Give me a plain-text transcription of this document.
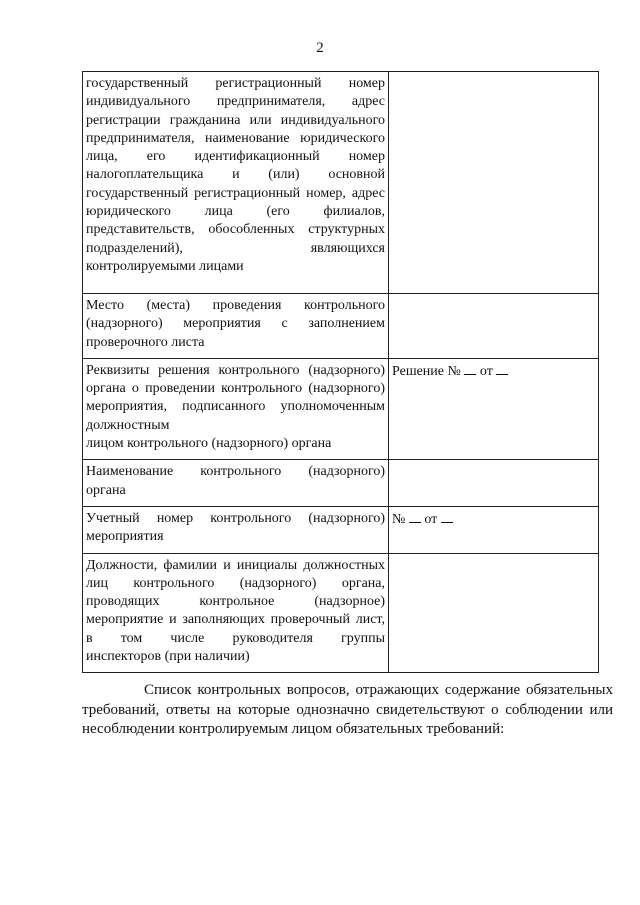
2
государственный регистрационный номер индивидуального предпринимателя, адрес регистрации гражданина или индивидуального предпринимателя, наименование юридического лица, его идентификационный номер налогоплательщика и (или) основной государственный регистрационный номер, адрес юридического лица (его филиалов, представительств, обособленных структурных подразделений), являющихся
контролируемыми лицами	

Место (места) проведения контрольного (надзорного) мероприятия с заполнением
проверочного листа	

Реквизиты решения контрольного (надзорного) органа о проведении контрольного (надзорного) мероприятия, подписанного уполномоченным должностным
лицом контрольного (надзорного) органа	Решение № от

Наименование контрольного (надзорного)
органа	

Учетный номер контрольного (надзорного)
мероприятия	№ от

Должности, фамилии и инициалы должностных лиц контрольного (надзорного) органа, проводящих контрольное (надзорное) мероприятие и заполняющих проверочный лист, в том числе руководителя группы
инспекторов (при наличии)	

Список контрольных вопросов, отражающих содержание обязательных требований, ответы на которые однозначно свидетельствуют о соблюдении или несоблюдении контролируемым лицом обязательных требований:
